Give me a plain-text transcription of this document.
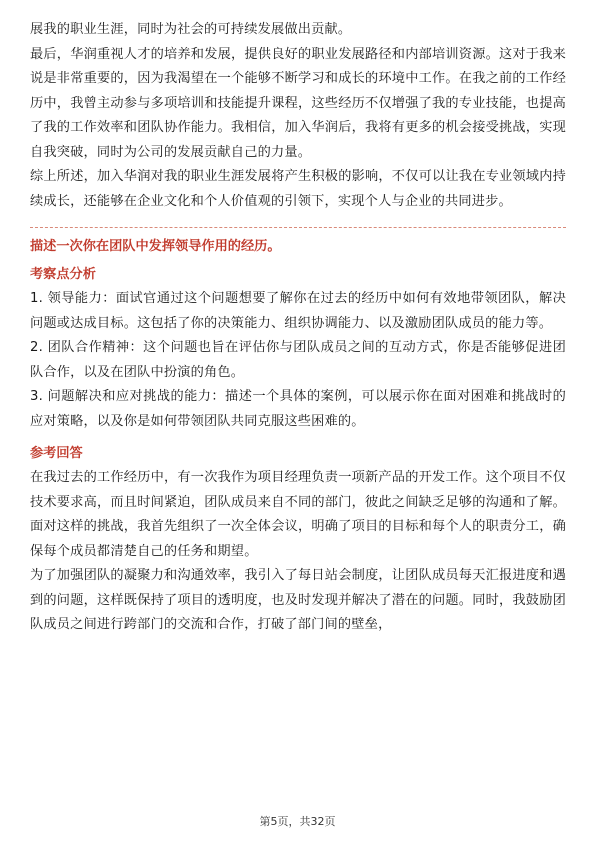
展我的职业生涯，同时为社会的可持续发展做出贡献。

最后，华润重视人才的培养和发展，提供良好的职业发展路径和内部培训资源。这对于我来说是非常重要的，因为我渴望在一个能够不断学习和成长的环境中工作。在我之前的工作经历中，我曾主动参与多项培训和技能提升课程，这些经历不仅增强了我的专业技能，也提高了我的工作效率和团队协作能力。我相信，加入华润后，我将有更多的机会接受挑战，实现自我突破，同时为公司的发展贡献自己的力量。

综上所述，加入华润对我的职业生涯发展将产生积极的影响，不仅可以让我在专业领域内持续成长，还能够在企业文化和个人价值观的引领下，实现个人与企业的共同进步。

描述一次你在团队中发挥领导作用的经历。

考察点分析

1. 领导能力：面试官通过这个问题想要了解你在过去的经历中如何有效地带领团队，解决问题或达成目标。这包括了你的决策能力、组织协调能力、以及激励团队成员的能力等。

2. 团队合作精神：这个问题也旨在评估你与团队成员之间的互动方式，你是否能够促进团队合作，以及在团队中扮演的角色。

3. 问题解决和应对挑战的能力：描述一个具体的案例，可以展示你在面对困难和挑战时的应对策略，以及你是如何带领团队共同克服这些困难的。

参考回答

在我过去的工作经历中，有一次我作为项目经理负责一项新产品的开发工作。这个项目不仅技术要求高，而且时间紧迫，团队成员来自不同的部门，彼此之间缺乏足够的沟通和了解。面对这样的挑战，我首先组织了一次全体会议，明确了项目的目标和每个人的职责分工，确保每个成员都清楚自己的任务和期望。

为了加强团队的凝聚力和沟通效率，我引入了每日站会制度，让团队成员每天汇报进度和遇到的问题，这样既保持了项目的透明度，也及时发现并解决了潜在的问题。同时，我鼓励团队成员之间进行跨部门的交流和合作，打破了部门间的壁垒，

第5页，共32页
